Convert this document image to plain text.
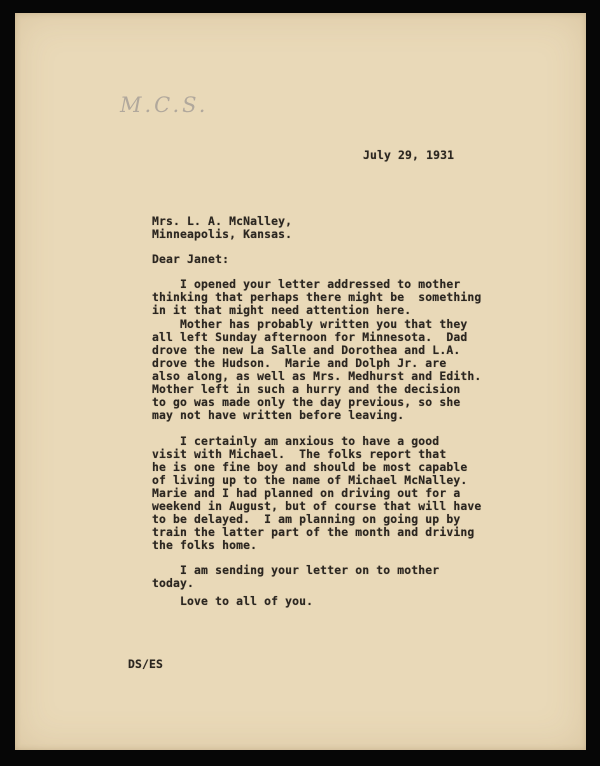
M.C.S.
July 29, 1931
Mrs. L. A. McNalley,
Minneapolis, Kansas.
Dear Janet:
I opened your letter addressed to mother
thinking that perhaps there might be  something
in it that might need attention here.
Mother has probably written you that they
all left Sunday afternoon for Minnesota.  Dad
drove the new La Salle and Dorothea and L.A.
drove the Hudson.  Marie and Dolph Jr. are
also along, as well as Mrs. Medhurst and Edith.
Mother left in such a hurry and the decision
to go was made only the day previous, so she
may not have written before leaving.
I certainly am anxious to have a good
visit with Michael.  The folks report that
he is one fine boy and should be most capable
of living up to the name of Michael McNalley.
Marie and I had planned on driving out for a
weekend in August, but of course that will have
to be delayed.  I am planning on going up by
train the latter part of the month and driving
the folks home.
I am sending your letter on to mother
today.
Love to all of you.
DS/ES
